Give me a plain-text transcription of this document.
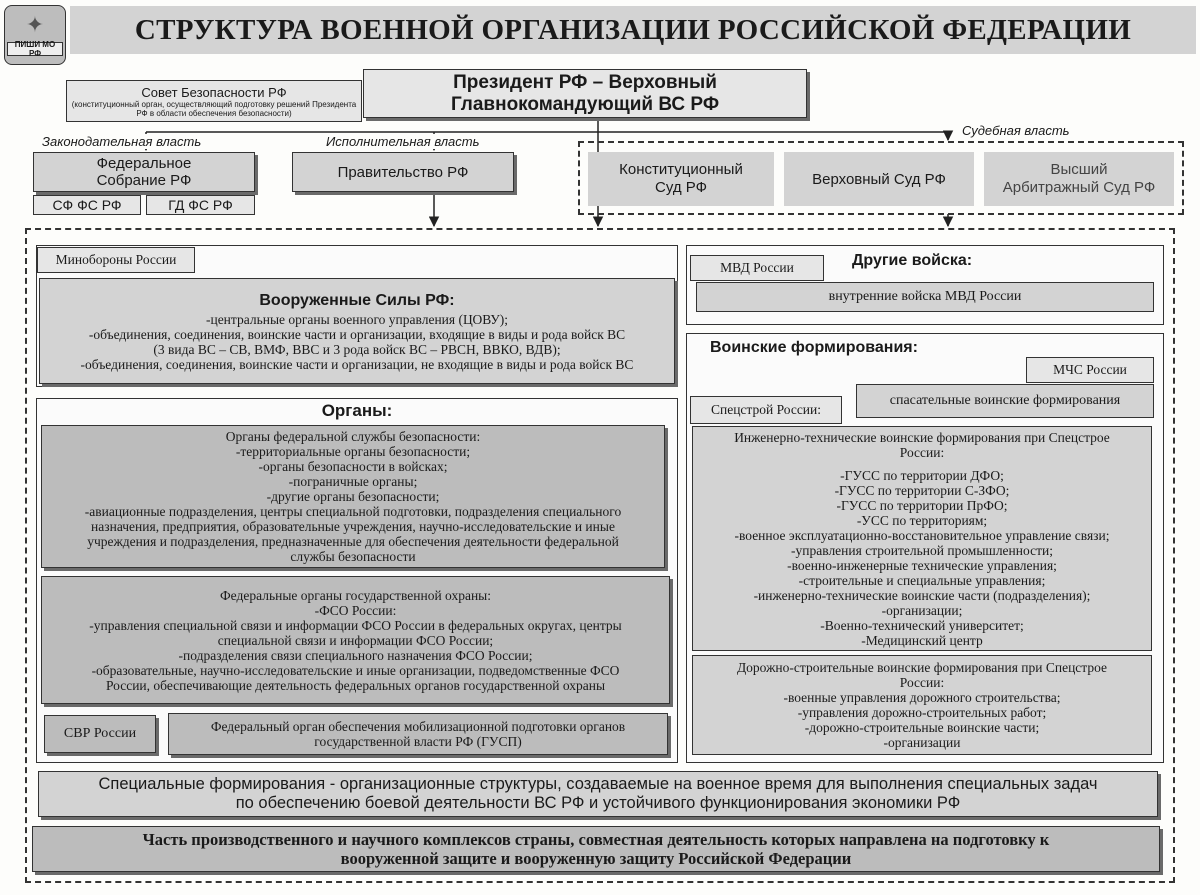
✦
ПИШИ МО РФ
СТРУКТУРА ВОЕННОЙ ОРГАНИЗАЦИИ РОССИЙСКОЙ ФЕДЕРАЦИИ
Совет Безопасности РФ
(конституционный орган, осуществляющий подготовку решений Президента РФ в области обеспечения безопасности)
Президент РФ – Верховный
Главнокомандующий ВС РФ
Законодательная власть	Исполнительная власть
Судебная власть
Федеральное
Собрание РФ
СФ ФС РФ	ГД ФС РФ
Правительство РФ	Конституционный
Суд РФ	Верховный Суд РФ
Высший
Арбитражный Суд РФ
Минобороны России
Вооруженные Силы РФ:
-центральные органы военного управления (ЦОВУ);
-объединения, соединения, воинские части и организации, входящие в виды и рода войск ВС
(3 вида ВС – СВ, ВМФ, ВВС и 3 рода войск ВС – РВСН, ВВКО, ВДВ);
-объединения, соединения, воинские части и организации, не входящие в виды и рода войск ВС
Органы:
Органы федеральной службы безопасности:
-территориальные органы безопасности;
-органы безопасности в войсках;
-пограничные органы;
-другие органы безопасности;
-авиационные подразделения, центры специальной подготовки, подразделения специального
назначения, предприятия, образовательные учреждения, научно-исследовательские и иные
учреждения и подразделения, предназначенные для обеспечения деятельности федеральной
службы безопасности
Федеральные органы государственной охраны:
-ФСО России:
-управления специальной связи и информации ФСО России в федеральных округах, центры
специальной связи и информации ФСО России;
-подразделения связи специального назначения ФСО России;
-образовательные, научно-исследовательские и иные организации, подведомственные ФСО
России, обеспечивающие деятельность федеральных органов государственной охраны
СВР России	Федеральный орган обеспечения мобилизационной подготовки органов
государственной власти РФ (ГУСП)
МВД России	Другие войска:
внутренние войска МВД России
Воинские формирования:
МЧС России
спасательные воинские формирования
Спецстрой России:
Инженерно-технические воинские формирования при Спецстрое
России:
-ГУСС по территории ДФО;
-ГУСС по территории С-ЗФО;
-ГУСС по территории ПрФО;
-УСС по территориям;
-военное эксплуатационно-восстановительное управление связи;
-управления строительной промышленности;
-военно-инженерные технические управления;
-строительные и специальные управления;
-инженерно-технические воинские части (подразделения);
-организации;
-Военно-технический университет;
-Медицинский центр
Дорожно-строительные воинские формирования при Спецстрое
России:
-военные управления дорожного строительства;
-управления дорожно-строительных работ;
-дорожно-строительные воинские части;
-организации
Специальные формирования - организационные структуры, создаваемые на военное время для выполнения специальных задач
по обеспечению боевой деятельности ВС РФ и устойчивого функционирования экономики РФ
Часть производственного и научного комплексов страны, совместная деятельность которых направлена на подготовку к
вооруженной защите и вооруженную защиту Российской Федерации
